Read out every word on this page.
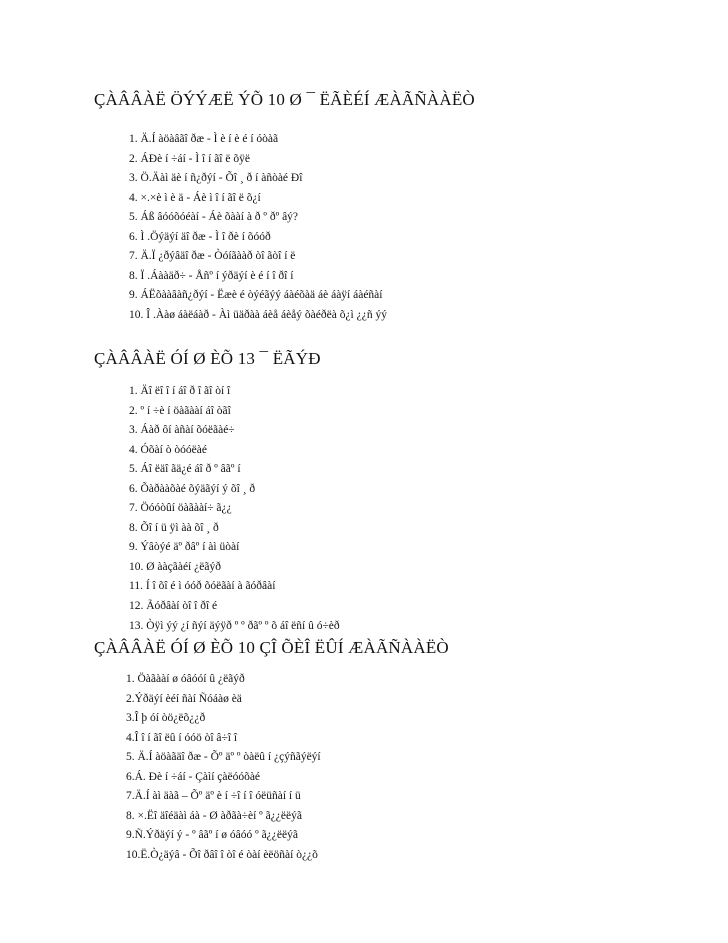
ÇÀÂÂÀË ÖÝÝÆË ÝÕ 10 Ø ¯ ËÃÈÉÍ ÆÀÃÑÀÀËÒ
1. Ä.Í àöàâãî ðæ - Ì è í è é í óòàã
2. ÁÐè í ÷áí - Ì î í ãî ë õÿë
3. Ö.Äàì äè í ñ¿ðýí - Õî ¸ ð í àñòàé Ðî
4. ×.×è ì è ä - Áè ì î í ãî ë õ¿í
5. Áß âóóõóéàí - Áè õààí à ð º ðº âý?
6. Ì .Öýäýí äî ðæ - Ì î ðè í õóóð
7. Ä.Ï ¿ðýâäî ðæ - Òóíãààð òî ãòî í ë
8. Ï .Áààäð÷ - Åñº í ýðäýí è é í î ðî í
9. ÁËõààâàñ¿ðýí - Ëæè é òýéãýý áàéõàä áè áàÿí áàéñàí
10. Î .Ààø áàëáàð - Àì üäðàà áèå áèåý õàéðëà õ¿ì ¿¿ñ ýý
ÇÀÂÂÀË ÓÍ Ø ÈÕ 13 ¯ ËÃÝÐ
1. Äî ëî î í áî ð î ãî òí î
2. º í ÷è í öàãààí áî òãî
3. Áàð ôí àñàí õóëãàé÷
4. Óõàí ò òóóëàé
5. Áî ëäî ãä¿é áî ð º âãº í
6. Õàðààõàé õýäãýí ý õî ¸ ð
7. Öóóòûí öàãààí÷ ã¿¿
8. Õî í ü ÿì àà õî ¸ ð
9. Ýâòýé äº ðâº í àì üòàí
10. Ø ààçãàéí ¿ëãýð
11. Í î õî é ì óóð õóëãàí à ãóðâàí
12. Ãóðâàí òî î ðî é
13. Òÿì ýý ¿í ñýí äýÿð º º ðãº º õ áî ëñí û ó÷èð
ÇÀÂÂÀË ÓÍ Ø ÈÕ 10 ÇÎ ÕÈÎ ËÛÍ ÆÀÃÑÀÀËÒ
1. Öàãààí ø óâóóí û ¿ëãýð
2.Ýðäýí èéí ñàí Ñóáàø èä
3.Î þ óí òö¿ëõ¿¿ð
4.Î î í ãî ëû í óóö òî â÷î î
5. Ä.Í àöàãäî ðæ - Õº äº º òàëû í ¿çýñãýëýí
6.Á. Ðè í ÷áí - Çàìí çàëóóõàé
7.Ä.Í àì äàã – Õº äº è í ÷î í î óëüñàí í ü
8. ×.Ëî äîéäàì áà - Ø àðãà÷èí º ã¿¿ëëýã
9.Ñ.Ýðäýí ý - º âãº í ø óâóó º ã¿¿ëëýã
10.Ë.Ò¿äýâ - Õî ðâî î òî é òàí èëöñàí ò¿¿õ
